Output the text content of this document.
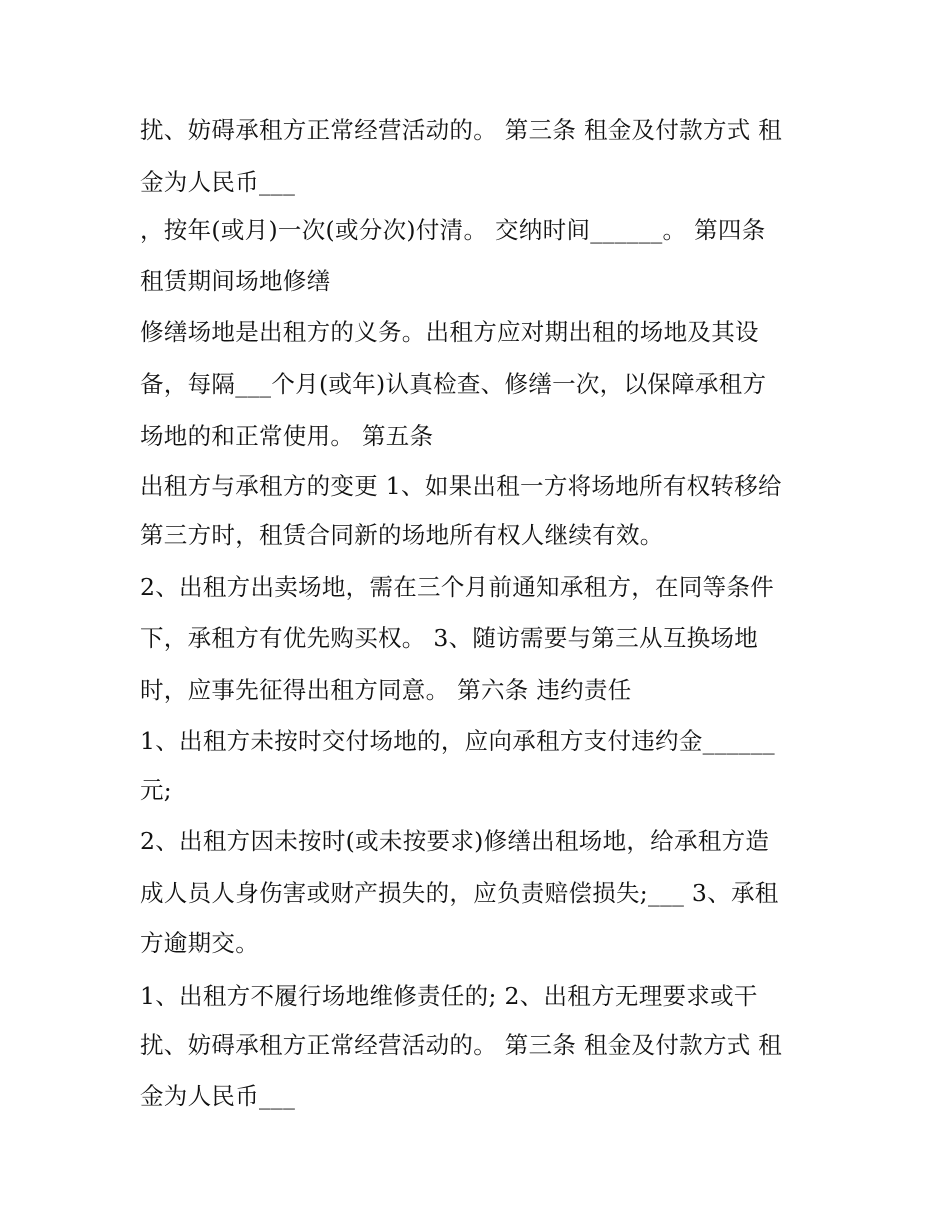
扰、妨碍承租方正常经营活动的。 第三条 租金及付款方式 租

金为人民币___

，按年(或月)一次(或分次)付清。 交纳时间______。 第四条

租赁期间场地修缮

修缮场地是出租方的义务。出租方应对期出租的场地及其设

备，每隔___个月(或年)认真检查、修缮一次，以保障承租方

场地的和正常使用。 第五条

出租方与承租方的变更 1、如果出租一方将场地所有权转移给

第三方时，租赁合同新的场地所有权人继续有效。

2、出租方出卖场地，需在三个月前通知承租方，在同等条件

下，承租方有优先购买权。 3、随访需要与第三从互换场地

时，应事先征得出租方同意。 第六条 违约责任

1、出租方未按时交付场地的，应向承租方支付违约金______

元;

2、出租方因未按时(或未按要求)修缮出租场地，给承租方造

成人员人身伤害或财产损失的，应负责赔偿损失;___ 3、承租

方逾期交。

1、出租方不履行场地维修责任的; 2、出租方无理要求或干

扰、妨碍承租方正常经营活动的。 第三条 租金及付款方式 租

金为人民币___
